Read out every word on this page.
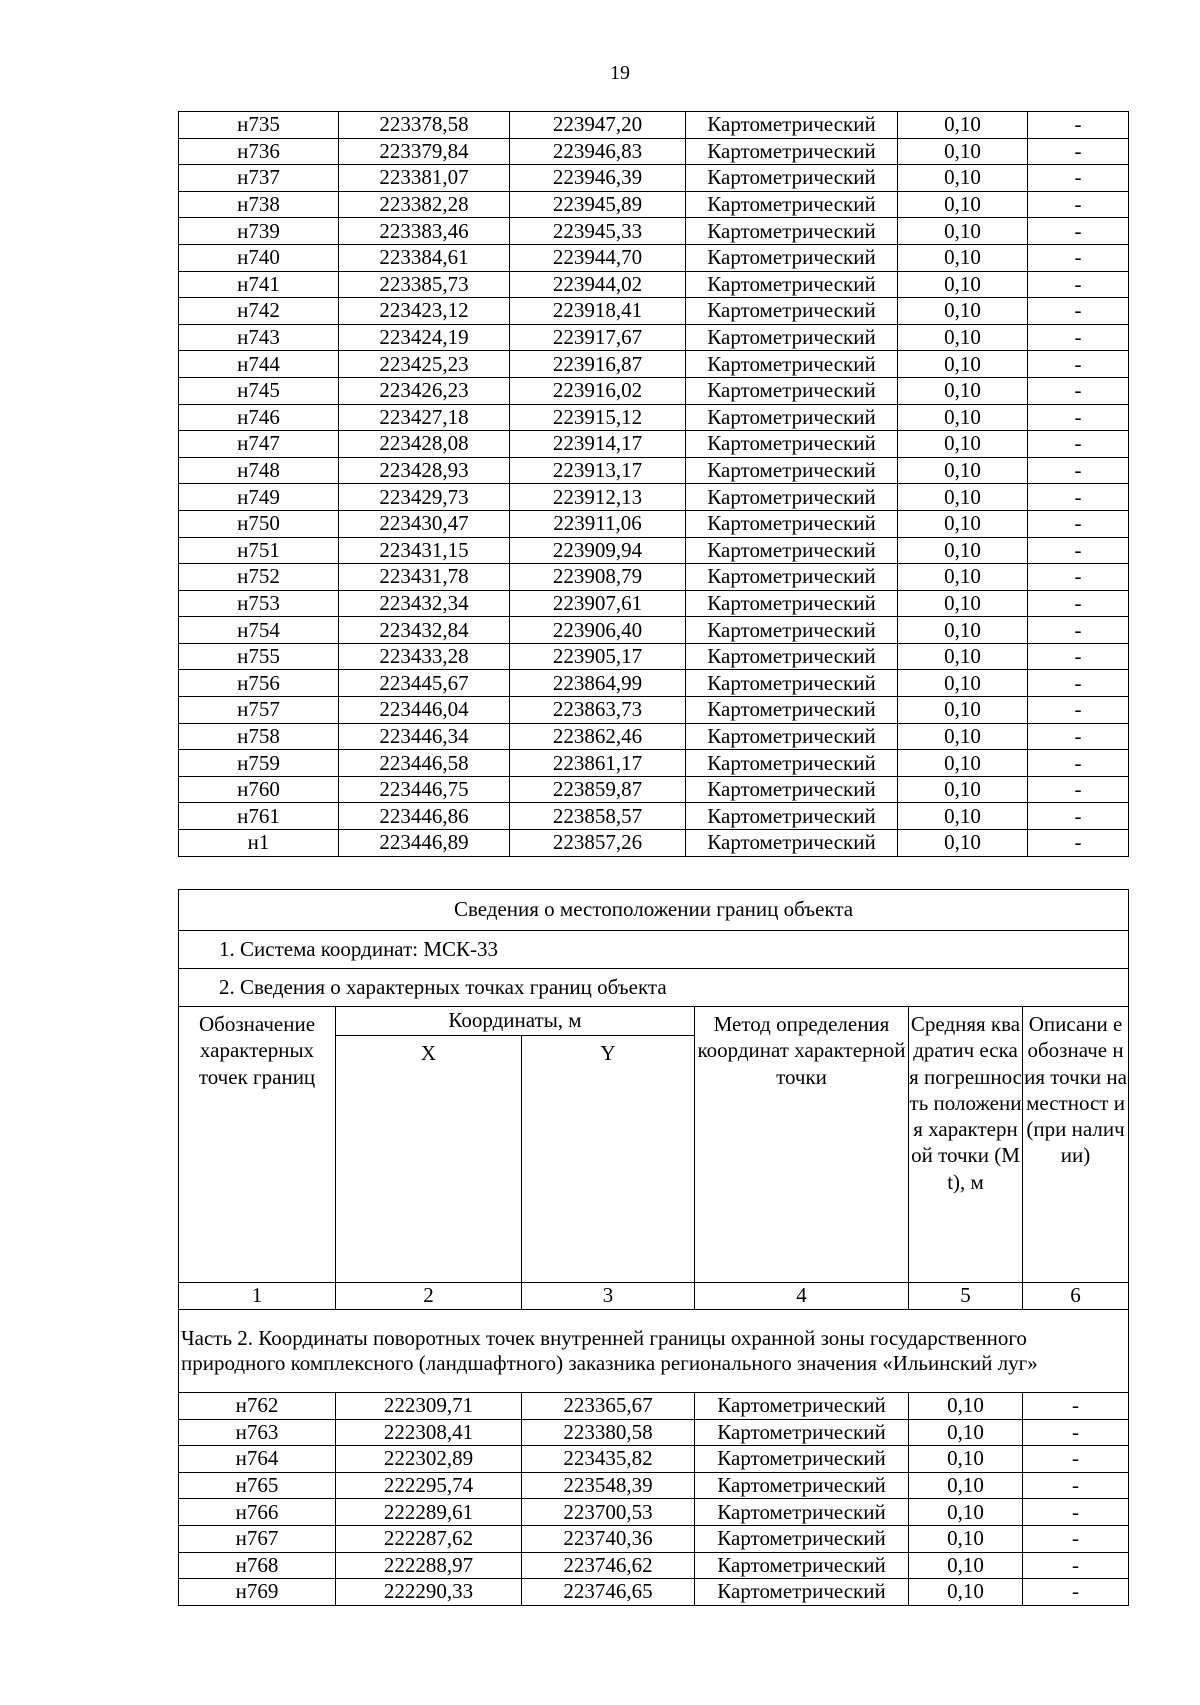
19
н735	223378,58	223947,20	Картометрический	0,10	-
н736	223379,84	223946,83	Картометрический	0,10	-
н737	223381,07	223946,39	Картометрический	0,10	-
н738	223382,28	223945,89	Картометрический	0,10	-
н739	223383,46	223945,33	Картометрический	0,10	-
н740	223384,61	223944,70	Картометрический	0,10	-
н741	223385,73	223944,02	Картометрический	0,10	-
н742	223423,12	223918,41	Картометрический	0,10	-
н743	223424,19	223917,67	Картометрический	0,10	-
н744	223425,23	223916,87	Картометрический	0,10	-
н745	223426,23	223916,02	Картометрический	0,10	-
н746	223427,18	223915,12	Картометрический	0,10	-
н747	223428,08	223914,17	Картометрический	0,10	-
н748	223428,93	223913,17	Картометрический	0,10	-
н749	223429,73	223912,13	Картометрический	0,10	-
н750	223430,47	223911,06	Картометрический	0,10	-
н751	223431,15	223909,94	Картометрический	0,10	-
н752	223431,78	223908,79	Картометрический	0,10	-
н753	223432,34	223907,61	Картометрический	0,10	-
н754	223432,84	223906,40	Картометрический	0,10	-
н755	223433,28	223905,17	Картометрический	0,10	-
н756	223445,67	223864,99	Картометрический	0,10	-
н757	223446,04	223863,73	Картометрический	0,10	-
н758	223446,34	223862,46	Картометрический	0,10	-
н759	223446,58	223861,17	Картометрический	0,10	-
н760	223446,75	223859,87	Картометрический	0,10	-
н761	223446,86	223858,57	Картометрический	0,10	-
н1	223446,89	223857,26	Картометрический	0,10	-
Сведения о местоположении границ объекта					
1. Система координат: МСК-33					
2. Сведения о характерных точках границ объекта					
Обозначение характерных точек границ	Координаты, м		Метод определения координат характерной точки	Средняя квадратич еская погрешнос ть положени я характерн ой точки (Mt), м	Описани е обозначе ния точки на местност и (при наличии)
	X	Y			
1	2	3	4	5	6
Часть 2. Координаты поворотных точек внутренней границы охранной зоны государственного природного комплексного (ландшафтного) заказника регионального значения «Ильинский луг»					
н762	222309,71	223365,67	Картометрический	0,10	-
н763	222308,41	223380,58	Картометрический	0,10	-
н764	222302,89	223435,82	Картометрический	0,10	-
н765	222295,74	223548,39	Картометрический	0,10	-
н766	222289,61	223700,53	Картометрический	0,10	-
н767	222287,62	223740,36	Картометрический	0,10	-
н768	222288,97	223746,62	Картометрический	0,10	-
н769	222290,33	223746,65	Картометрический	0,10	-
